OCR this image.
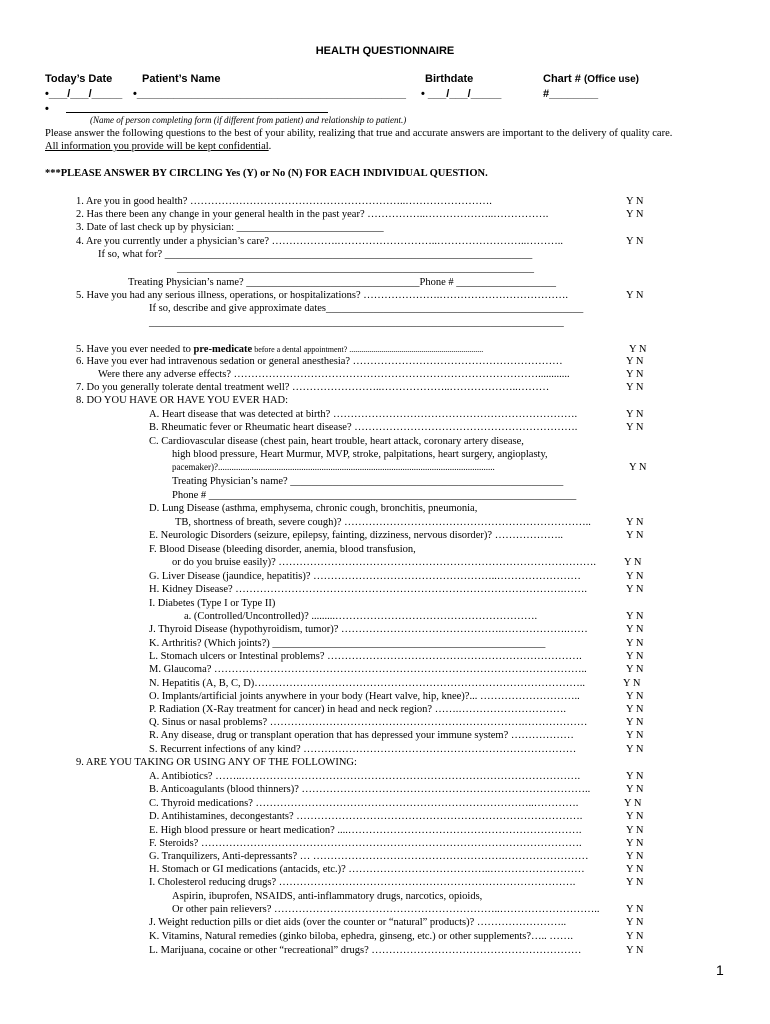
HEALTH QUESTIONNAIRE
Today’s Date	Patient’s Name	Birthdate	Chart # (Office use)
•___/___/_____ •____________________________________________ • ___/___/_____	#________
•
(Name of person completing form (if different from patient) and relationship to patient.)
Please answer the following questions to the best of your ability, realizing that true and accurate answers are important to the delivery of quality care.
All information you provide will be kept confidential.
***PLEASE ANSWER BY CIRCLING Yes (Y) or No (N) FOR EACH INDIVIDUAL QUESTION.
1. Are you in good health? ……………………………………………………..…………………….	Y N
2. Has there been any change in your general health in the past year? ……………..………………..…………….	Y N
3. Date of last check up by physician: ____________________________
4. Are you currently under a physician’s care? ……………….………………………..……………………..………..	Y N
If so, what for? ______________________________________________________________________
____________________________________________________________________
Treating Physician’s name? _________________________________Phone # ___________________
5. Have you had any serious illness, operations, or hospitalizations? ………………….……………………………….	Y N
If so, describe and give approximate dates_________________________________________________
_______________________________________________________________________________
5. Have you ever needed to pre-medicate before a dental appointment? ...................................................................	Y N
6. Have you ever had intravenous sedation or general anesthesia? ……………………………………………………	Y N
Were there any adverse effects? ……………………………………………………………………………............	Y N
7. Do you generally tolerate dental treatment well? ……………………..………………..………………..………	Y N
8. DO YOU HAVE OR HAVE YOU EVER HAD:
A. Heart disease that was detected at birth? …………………………………………………………….	Y N
B. Rheumatic fever or Rheumatic heart disease? ……………………………………………………….	Y N
C. Cardiovascular disease (chest pain, heart trouble, heart attack, coronary artery disease,
high blood pressure, Heart Murmur, MVP, stroke, palpitations, heart surgery, angioplasty,
pacemaker)?...........................................................................................................................	Y N
Treating Physician’s name? ____________________________________________________
Phone # ______________________________________________________________________
D. Lung Disease (asthma, emphysema, chronic cough, bronchitis, pneumonia,
TB, shortness of breath, severe cough)? ……………………………………………………………..	Y N
E. Neurologic Disorders (seizure, epilepsy, fainting, dizziness, nervous disorder)? ………………..	Y N
F. Blood Disease (bleeding disorder, anemia, blood transfusion,
or do you bruise easily)? ……………………………………………………………………………….	Y N
G. Liver Disease (jaundice, hepatitis)? ……………………………………………..……………………	Y N
H. Kidney Disease? ………………………………………………………………………………….…….	Y N
I. Diabetes (Type I or Type II)
a. (Controlled/Uncontrolled)? .........………………………………………………….	Y N
J. Thyroid Disease (hypothyroidism, tumor)? ……………………………………….……………….……	Y N
K. Arthritis? (Which joints?) ____________________________________________________	Y N
L. Stomach ulcers or Intestinal problems? ……………………………………………………………….	Y N
M. Glaucoma? ……………………………………………………………………………………………..	Y N
N. Hepatitis (A, B, C, D)…………………………………………………………………………………..	Y N
O. Implants/artificial joints anywhere in your body (Heart valve, hip, knee)?... ………………………..	Y N
P. Radiation (X-Ray treatment for cancer) in head and neck region? …….………………………….	Y N
Q. Sinus or nasal problems? ……………………………………………………………….………………	Y N
R. Any disease, drug or transplant operation that has depressed your immune system? ………………	Y N
S. Recurrent infections of any kind? ……………………………………………………………………	Y N
9. ARE YOU TAKING OR USING ANY OF THE FOLLOWING:
A. Antibiotics? ……..…………………………………………………………………………………….	Y N
B. Anticoagulants (blood thinners)? ………………………………………………………………………..	Y N
C. Thyroid medications? ……………………………………………………………………..………….	Y N
D. Antihistamines, decongestants? ……………………………………………………………………….	Y N
E. High blood pressure or heart medication? ....………………………………………………………….	Y N
F. Steroids? ……………………………………………………………………………………………….	Y N
G. Tranquilizers, Anti-depressants? … ……………………………………………….……………………	Y N
H. Stomach or GI medications (antacids, etc.)? …………………………………..………………………	Y N
I. Cholesterol reducing drugs? ………………………………………………………………………….	Y N
Aspirin, ibuprofen, NSAIDS, anti-inflammatory drugs, narcotics, opioids,
Or other pain relievers? ………………………………………………………..………………………..	Y N
J. Weight reduction pills or diet aids (over the counter or “natural” products)? ……………………..	Y N
K. Vitamins, Natural remedies (ginko biloba, ephedra, ginseng, etc.) or other supplements?….. …….	Y N
L. Marijuana, cocaine or other “recreational” drugs? ……………………………………………………	Y N
1
